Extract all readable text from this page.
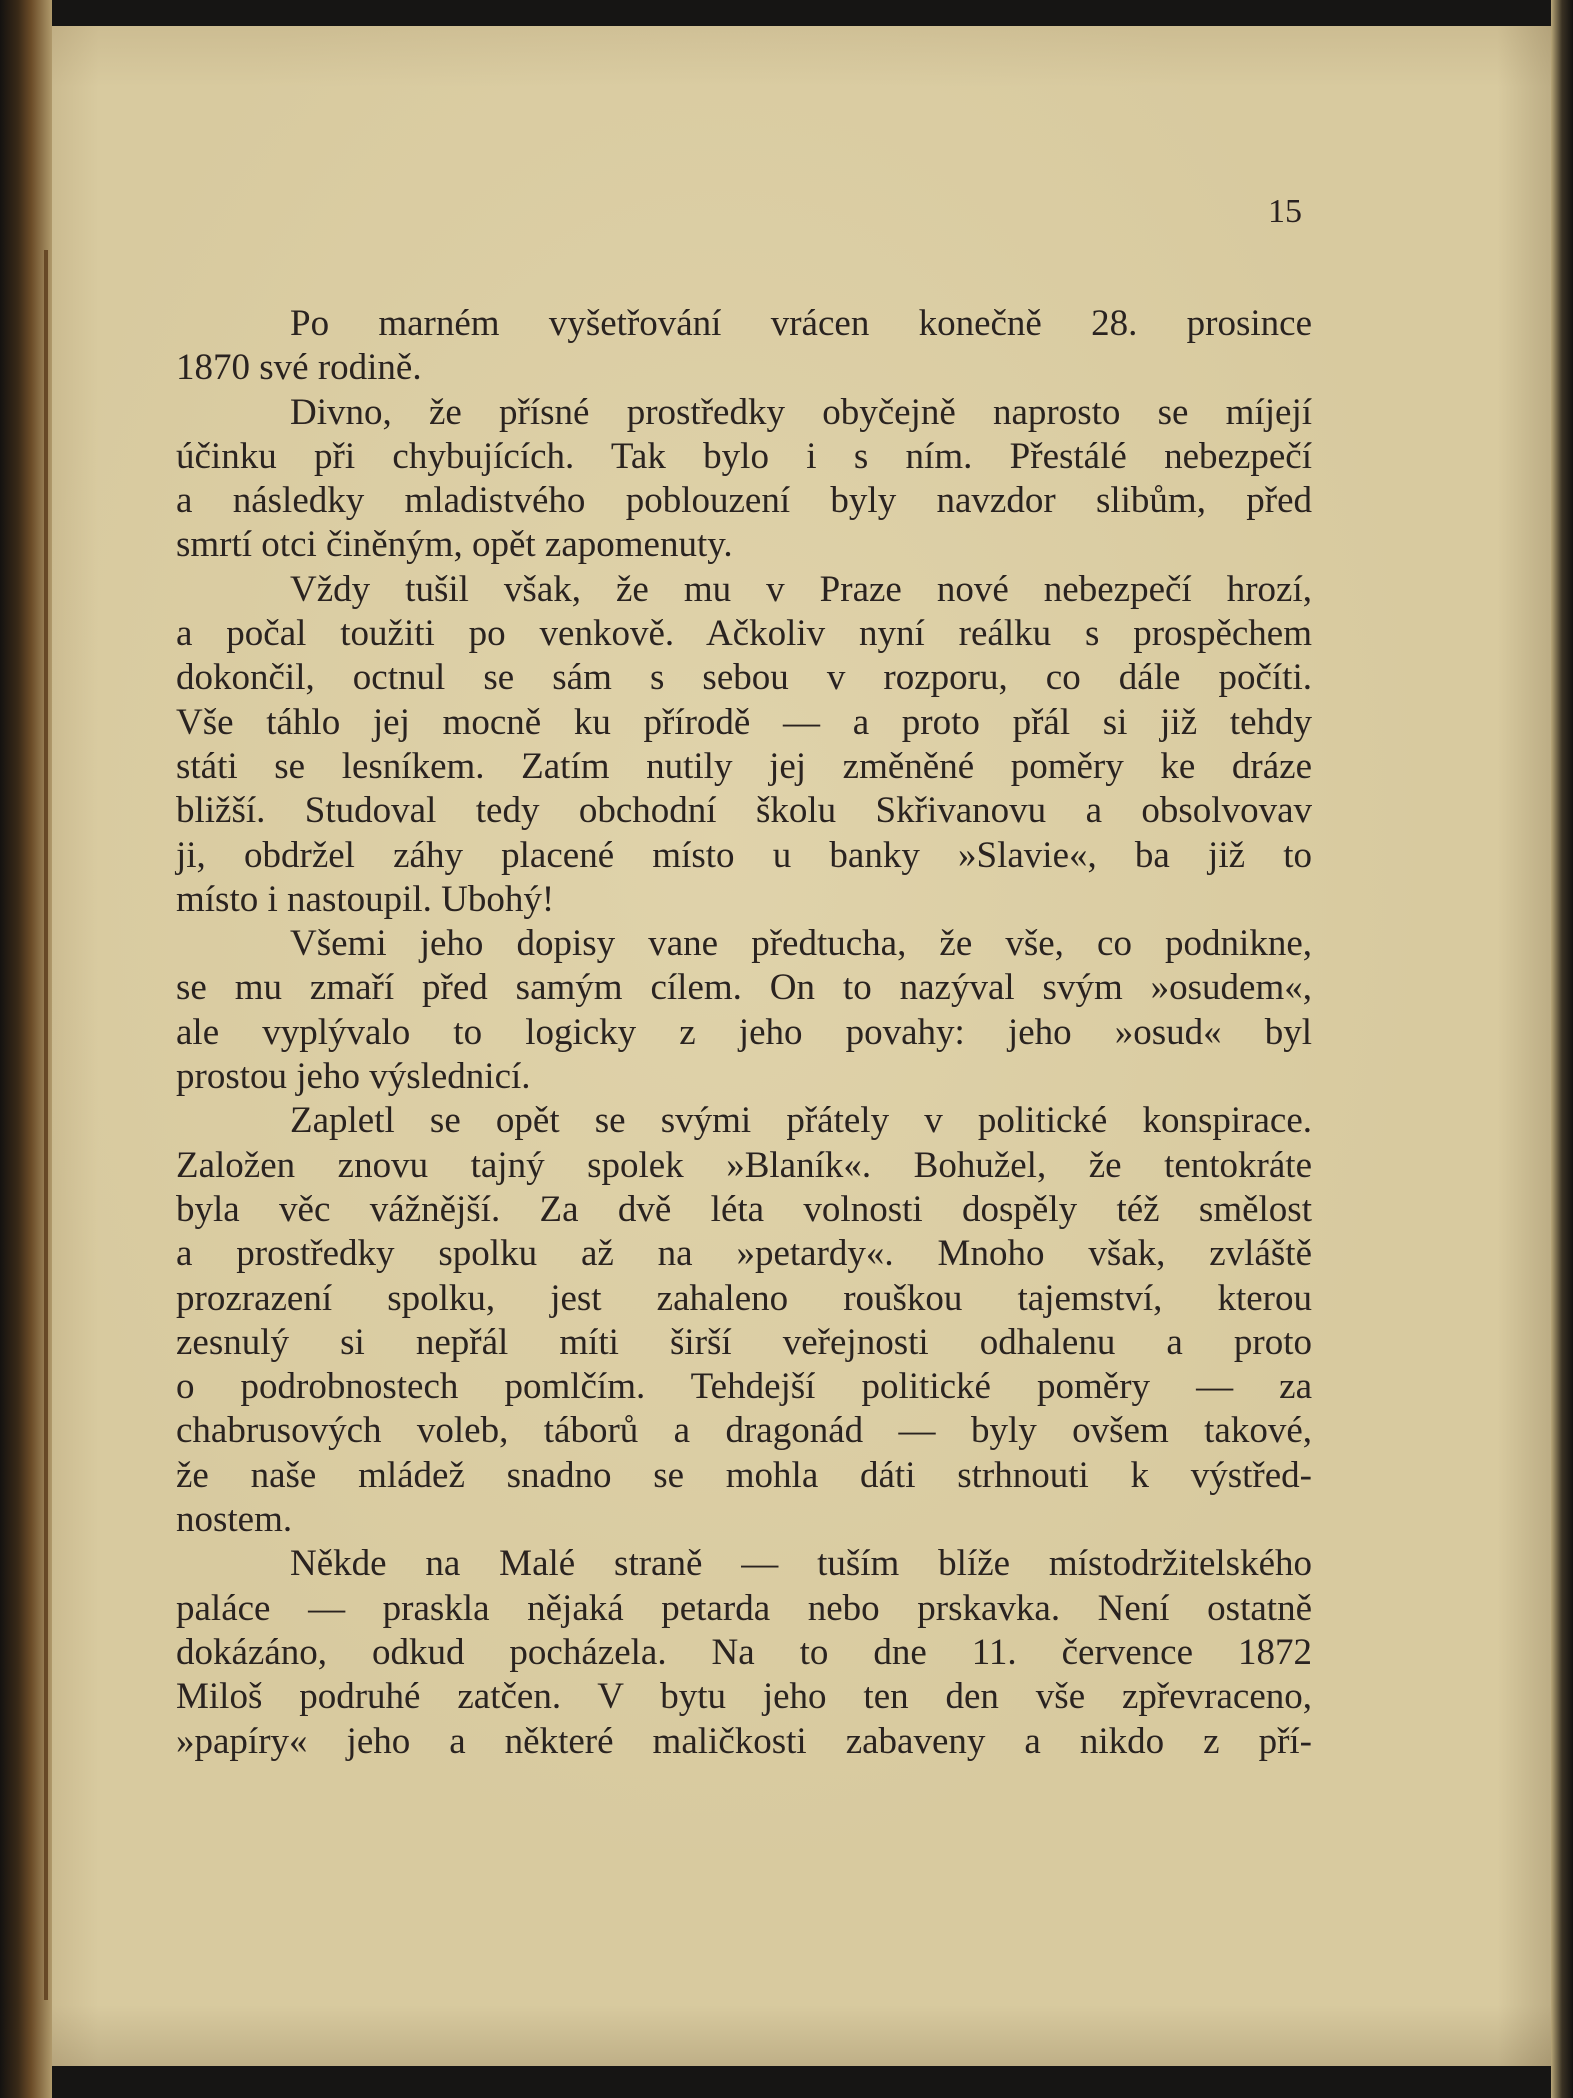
15
Po marném vyšetřování vrácen konečně 28. prosince
1870 své rodině.
Divno, že přísné prostředky obyčejně naprosto se míjejí
účinku při chybujících. Tak bylo i s ním. Přestálé nebezpečí
a následky mladistvého poblouzení byly navzdor slibům, před
smrtí otci činěným, opět zapomenuty.
Vždy tušil však, že mu v Praze nové nebezpečí hrozí,
a počal toužiti po venkově. Ačkoliv nyní reálku s prospěchem
dokončil, octnul se sám s sebou v rozporu, co dále počíti.
Vše táhlo jej mocně ku přírodě — a proto přál si již tehdy
státi se lesníkem. Zatím nutily jej změněné poměry ke dráze
bližší. Studoval tedy obchodní školu Skřivanovu a obsolvovav
ji, obdržel záhy placené místo u banky »Slavie«, ba již to
místo i nastoupil. Ubohý!
Všemi jeho dopisy vane předtucha, že vše, co podnikne,
se mu zmaří před samým cílem. On to nazýval svým »osudem«,
ale vyplývalo to logicky z jeho povahy: jeho »osud« byl
prostou jeho výslednicí.
Zapletl se opět se svými přátely v politické konspirace.
Založen znovu tajný spolek »Blaník«. Bohužel, že tentokráte
byla věc vážnější. Za dvě léta volnosti dospěly též smělost
a prostředky spolku až na »petardy«. Mnoho však, zvláště
prozrazení spolku, jest zahaleno rouškou tajemství, kterou
zesnulý si nepřál míti širší veřejnosti odhalenu a proto
o podrobnostech pomlčím. Tehdejší politické poměry — za
chabrusových voleb, táborů a dragonád — byly ovšem takové,
že naše mládež snadno se mohla dáti strhnouti k výstřed-
nostem.
Někde na Malé straně — tuším blíže místodržitelského
paláce — praskla nějaká petarda nebo prskavka. Není ostatně
dokázáno, odkud pocházela. Na to dne 11. července 1872
Miloš podruhé zatčen. V bytu jeho ten den vše zpřevraceno,
»papíry« jeho a některé maličkosti zabaveny a nikdo z pří-
